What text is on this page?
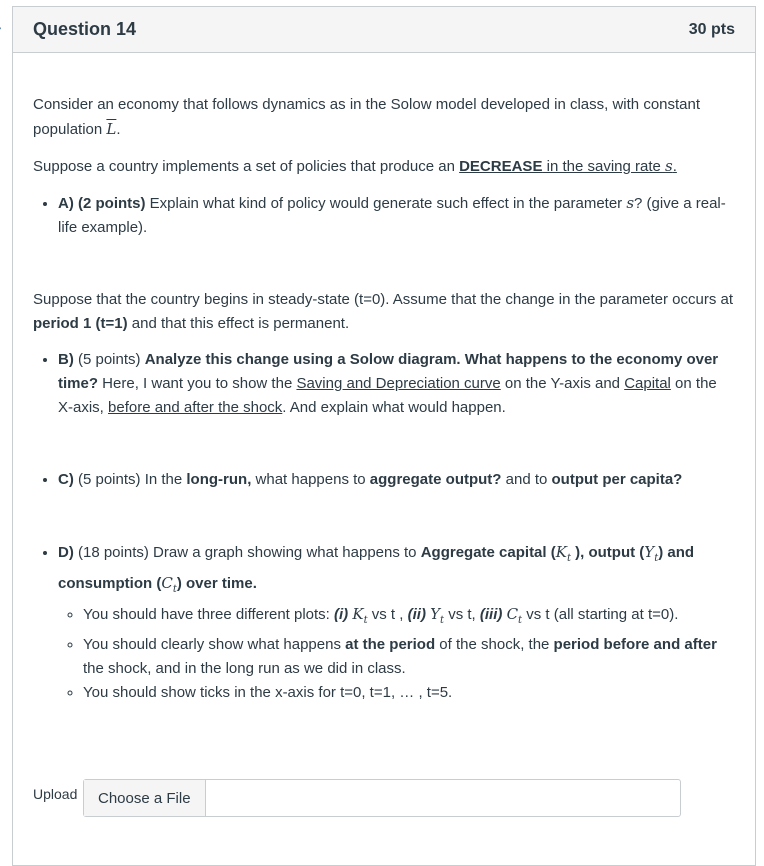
Question 14	30 pts

Consider an economy that follows dynamics as in the Solow model developed in class, with constant population $\overline{L}$.

Suppose a country implements a set of policies that produce an DECREASE in the saving rate s.

• A) (2 points) Explain what kind of policy would generate such effect in the parameter s? (give a real-life example).

Suppose that the country begins in steady-state (t=0). Assume that the change in the parameter occurs at period 1 (t=1) and that this effect is permanent.

• B) (5 points) Analyze this change using a Solow diagram. What happens to the economy over time? Here, I want you to show the Saving and Depreciation curve on the Y-axis and Capital on the X-axis, before and after the shock. And explain what would happen.
• C) (5 points) In the long-run, what happens to aggregate output? and to output per capita?
• D) (18 points) Draw a graph showing what happens to Aggregate capital ($K_t$ ), output $(Y_t)$ and consumption $(C_t)$ over time.
◦ You should have three different plots: (i) $K_t$ vs t , (ii) $Y_t$ vs t, (iii) $C_t$ vs t (all starting at t=0).
◦ You should clearly show what happens at the period of the shock, the period before and after the shock, and in the long run as we did in class.
◦ You should show ticks in the x-axis for t=0, t=1, … , t=5.
Upload	Choose a File
